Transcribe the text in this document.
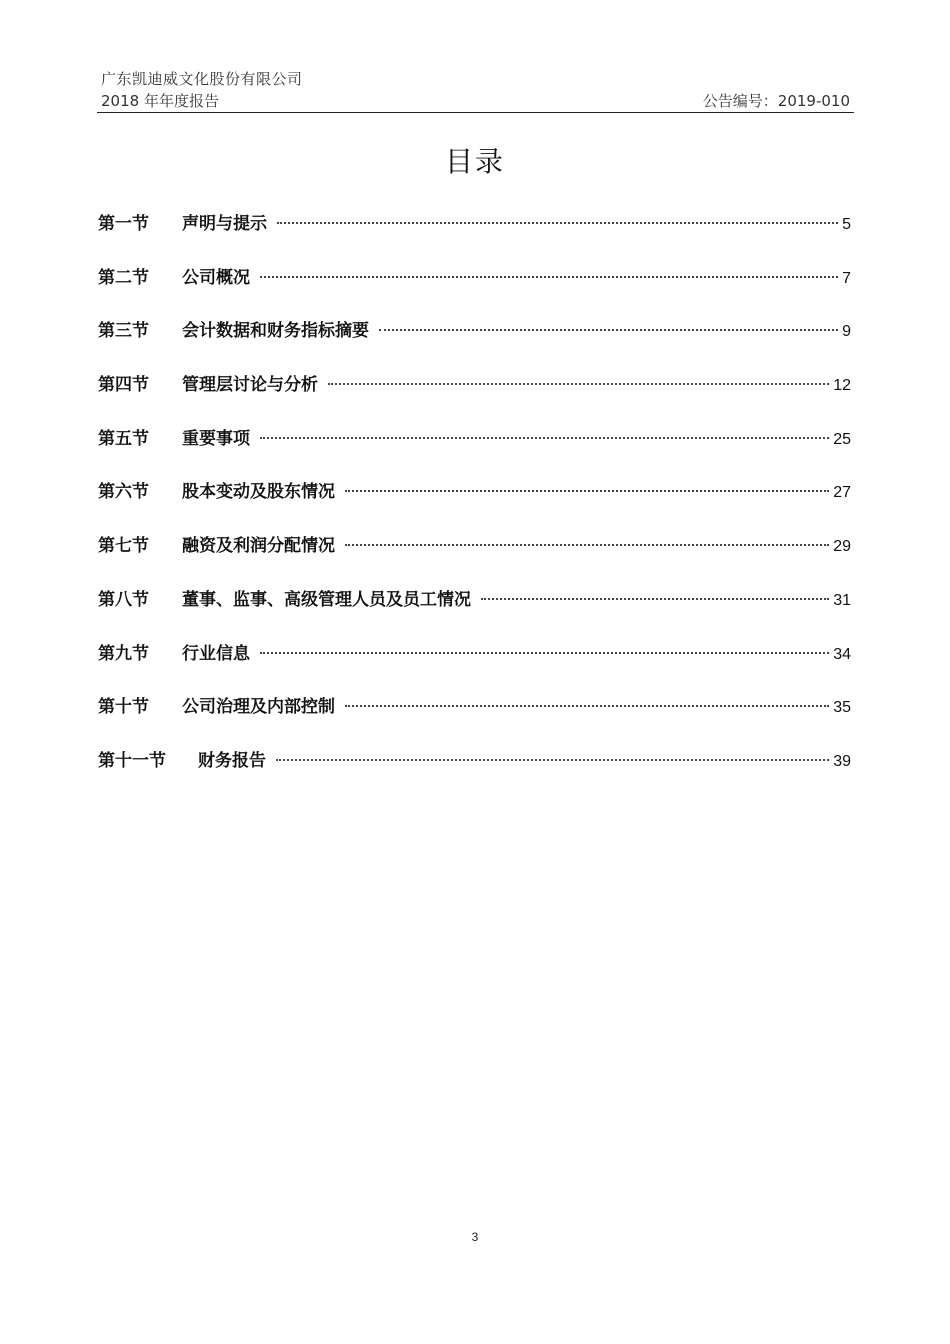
广东凯迪威文化股份有限公司
2018 年年度报告	公告编号：2019-010
目录
第一节	声明与提示	5
第二节	公司概况	7
第三节	会计数据和财务指标摘要	9
第四节	管理层讨论与分析	12
第五节	重要事项	25
第六节	股本变动及股东情况	27
第七节	融资及利润分配情况	29
第八节	董事、监事、高级管理人员及员工情况	31
第九节	行业信息	34
第十节	公司治理及内部控制	35
第十一节	财务报告	39
3
